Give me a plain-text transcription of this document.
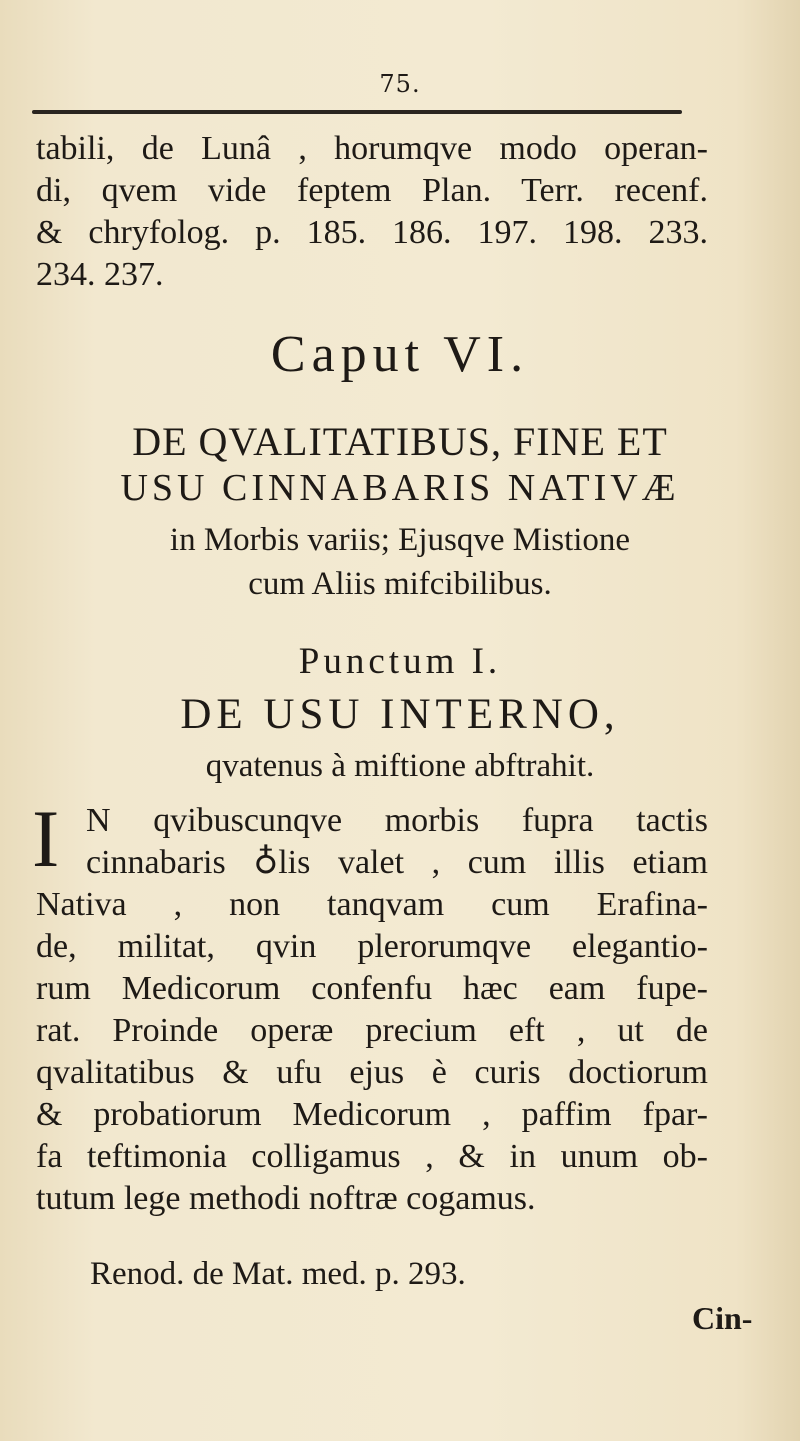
75.
tabili, de Lunâ , horumqve modo operan-
di, qvem vide feptem Plan. Terr. recenf.
& chryfolog. p. 185. 186. 197. 198. 233.
234. 237.
Caput VI.
DE QVALITATIBUS, FINE ET
USU CINNABARIS NATIVÆ
in Morbis variis; Ejusqve Mistione
cum Aliis mifcibilibus.
Punctum I.
DE USU INTERNO,
qvatenus à miftione abftrahit.
I N qvibuscunqve morbis fupra tactis
cinnabaris ♁lis valet , cum illis etiam
Nativa , non tanqvam cum Erafina-
de, militat, qvin plerorumqve elegantio-
rum Medicorum confenfu hæc eam fupe-
rat. Proinde operæ precium eft , ut de
qvalitatibus & ufu ejus è curis doctiorum
& probatiorum Medicorum , paffim fpar-
fa teftimonia colligamus , & in unum ob-
tutum lege methodi noftræ cogamus.
Renod. de Mat. med. p. 293.
Cin-
